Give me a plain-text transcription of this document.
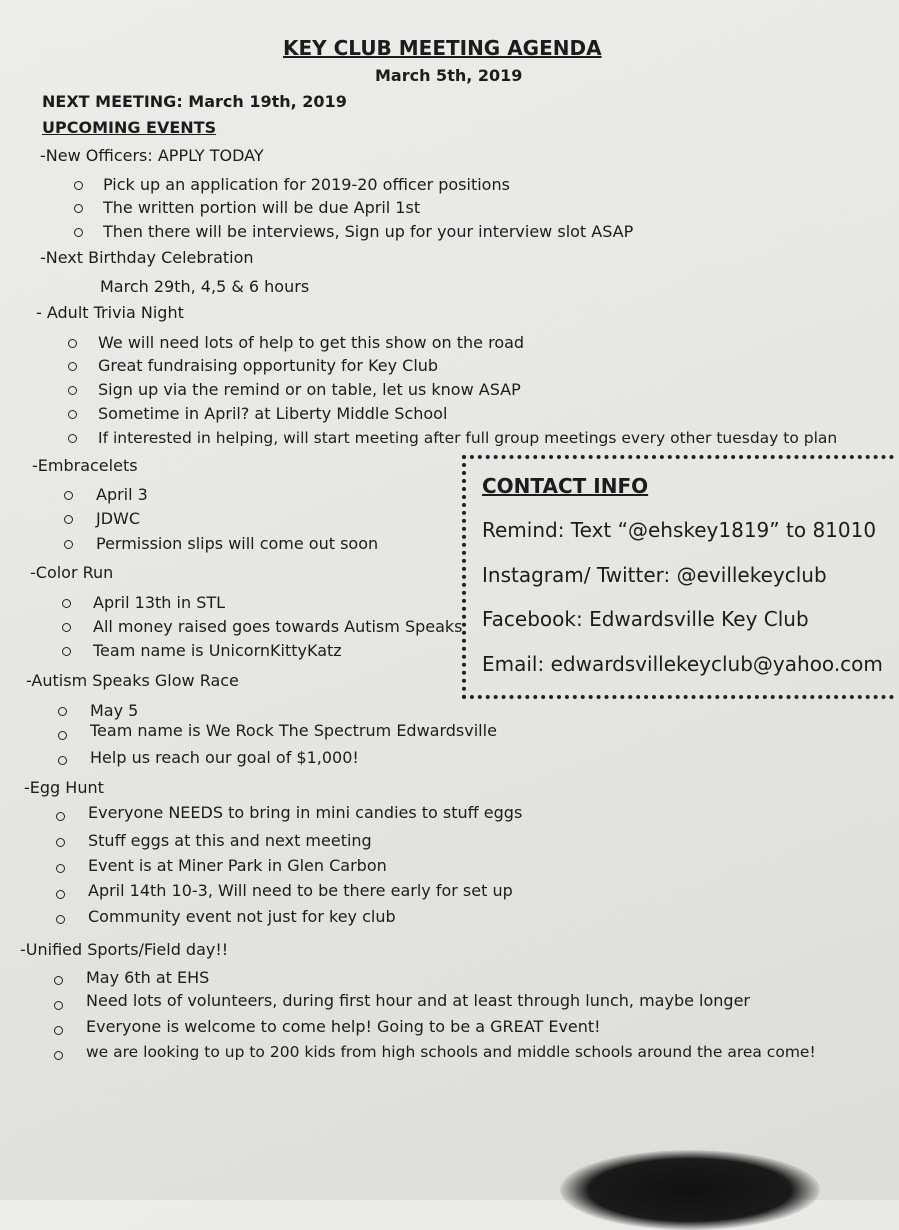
KEY CLUB MEETING AGENDA
March 5th, 2019
NEXT MEETING: March 19th, 2019
UPCOMING EVENTS
-New Officers: APPLY TODAY
Pick up an application for 2019-20 officer positions
The written portion will be due April 1st
Then there will be interviews, Sign up for your interview slot ASAP
-Next Birthday Celebration
March 29th, 4,5 & 6 hours
- Adult Trivia Night
We will need lots of help to get this show on the road
Great fundraising opportunity for Key Club
Sign up via the remind or on table, let us know ASAP
Sometime in April? at Liberty Middle School
If interested in helping, will start meeting after full group meetings every other tuesday to plan
-Embracelets
April 3
JDWC
Permission slips will come out soon
-Color Run
April 13th in STL
All money raised goes towards Autism Speaks
Team name is UnicornKittyKatz
-Autism Speaks Glow Race
May 5
Team name is We Rock The Spectrum Edwardsville
Help us reach our goal of $1,000!
-Egg Hunt
Everyone NEEDS to bring in mini candies to stuff eggs
Stuff eggs at this and next meeting
Event is at Miner Park in Glen Carbon
April 14th 10-3, Will need to be there early for set up
Community event not just for key club
-Unified Sports/Field day!!
May 6th at EHS
Need lots of volunteers, during first hour and at least through lunch, maybe longer
Everyone is welcome to come help! Going to be a GREAT Event!
we are looking to up to 200 kids from high schools and middle schools around the area come!
CONTACT INFO
Remind: Text “@ehskey1819” to 81010
Instagram/ Twitter: @evillekeyclub
Facebook: Edwardsville Key Club
Email: edwardsvillekeyclub@yahoo.com
